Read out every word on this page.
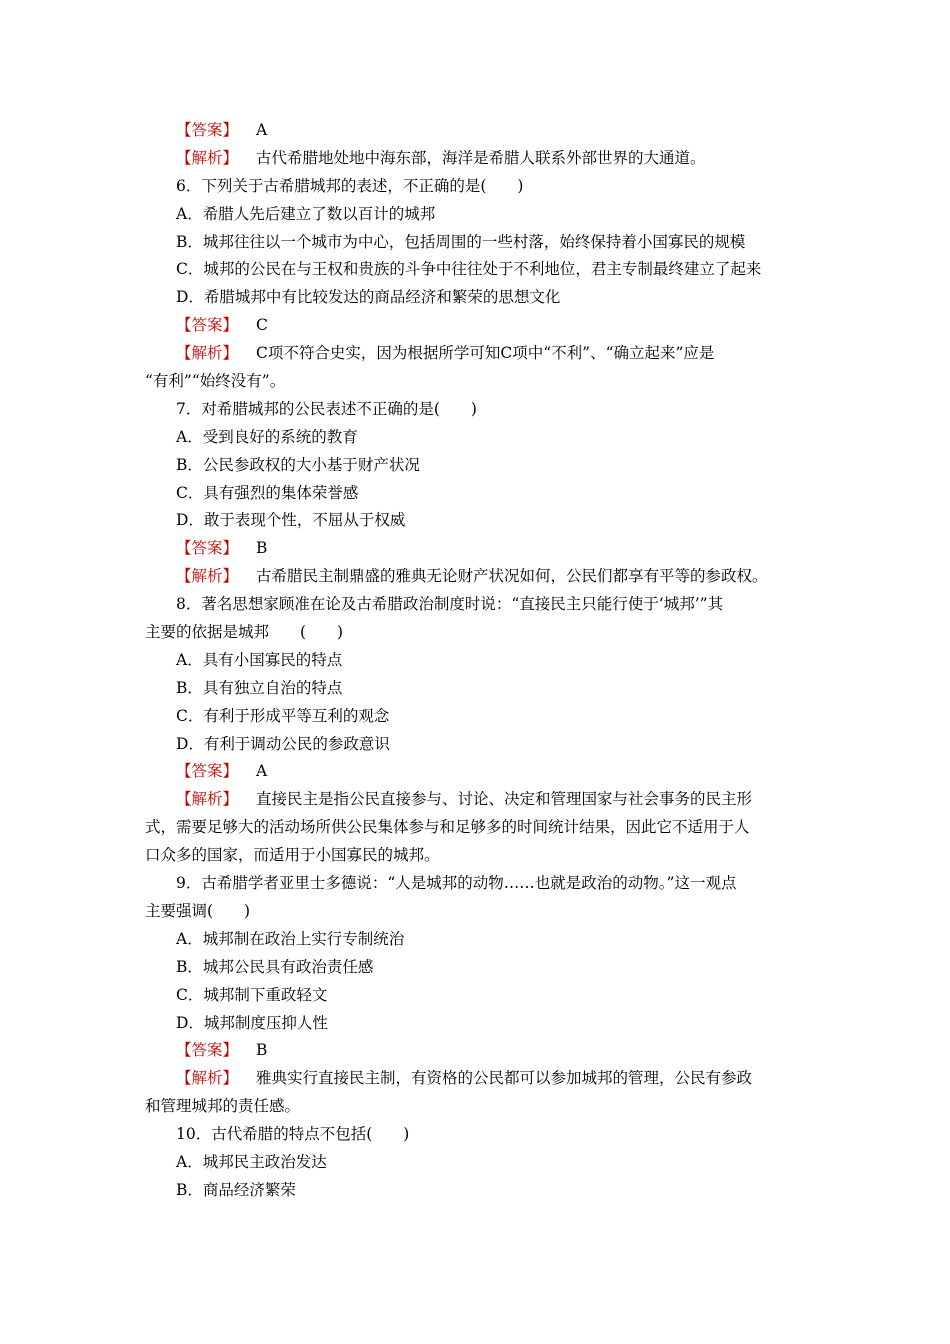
【答案】 A
【解析】 古代希腊地处地中海东部，海洋是希腊人联系外部世界的大通道。
6．下列关于古希腊城邦的表述，不正确的是(　　)
A．希腊人先后建立了数以百计的城邦
B．城邦往往以一个城市为中心，包括周围的一些村落，始终保持着小国寡民的规模
C．城邦的公民在与王权和贵族的斗争中往往处于不利地位，君主专制最终建立了起来
D．希腊城邦中有比较发达的商品经济和繁荣的思想文化
【答案】 C
【解析】 C项不符合史实，因为根据所学可知C项中“不利”、“确立起来”应是
“有利”“始终没有”。
7．对希腊城邦的公民表述不正确的是(　　)
A．受到良好的系统的教育
B．公民参政权的大小基于财产状况
C．具有强烈的集体荣誉感
D．敢于表现个性，不屈从于权威
【答案】 B
【解析】 古希腊民主制鼎盛的雅典无论财产状况如何，公民们都享有平等的参政权。
8．著名思想家顾准在论及古希腊政治制度时说：“直接民主只能行使于‘城邦’”其
主要的依据是城邦　　(　　)
A．具有小国寡民的特点
B．具有独立自治的特点
C．有利于形成平等互利的观念
D．有利于调动公民的参政意识
【答案】 A
【解析】 直接民主是指公民直接参与、讨论、决定和管理国家与社会事务的民主形
式，需要足够大的活动场所供公民集体参与和足够多的时间统计结果，因此它不适用于人
口众多的国家，而适用于小国寡民的城邦。
9．古希腊学者亚里士多德说：“人是城邦的动物……也就是政治的动物。”这一观点
主要强调(　　)
A．城邦制在政治上实行专制统治
B．城邦公民具有政治责任感
C．城邦制下重政轻文
D．城邦制度压抑人性
【答案】 B
【解析】 雅典实行直接民主制，有资格的公民都可以参加城邦的管理，公民有参政
和管理城邦的责任感。
10．古代希腊的特点不包括(　　)
A．城邦民主政治发达
B．商品经济繁荣
